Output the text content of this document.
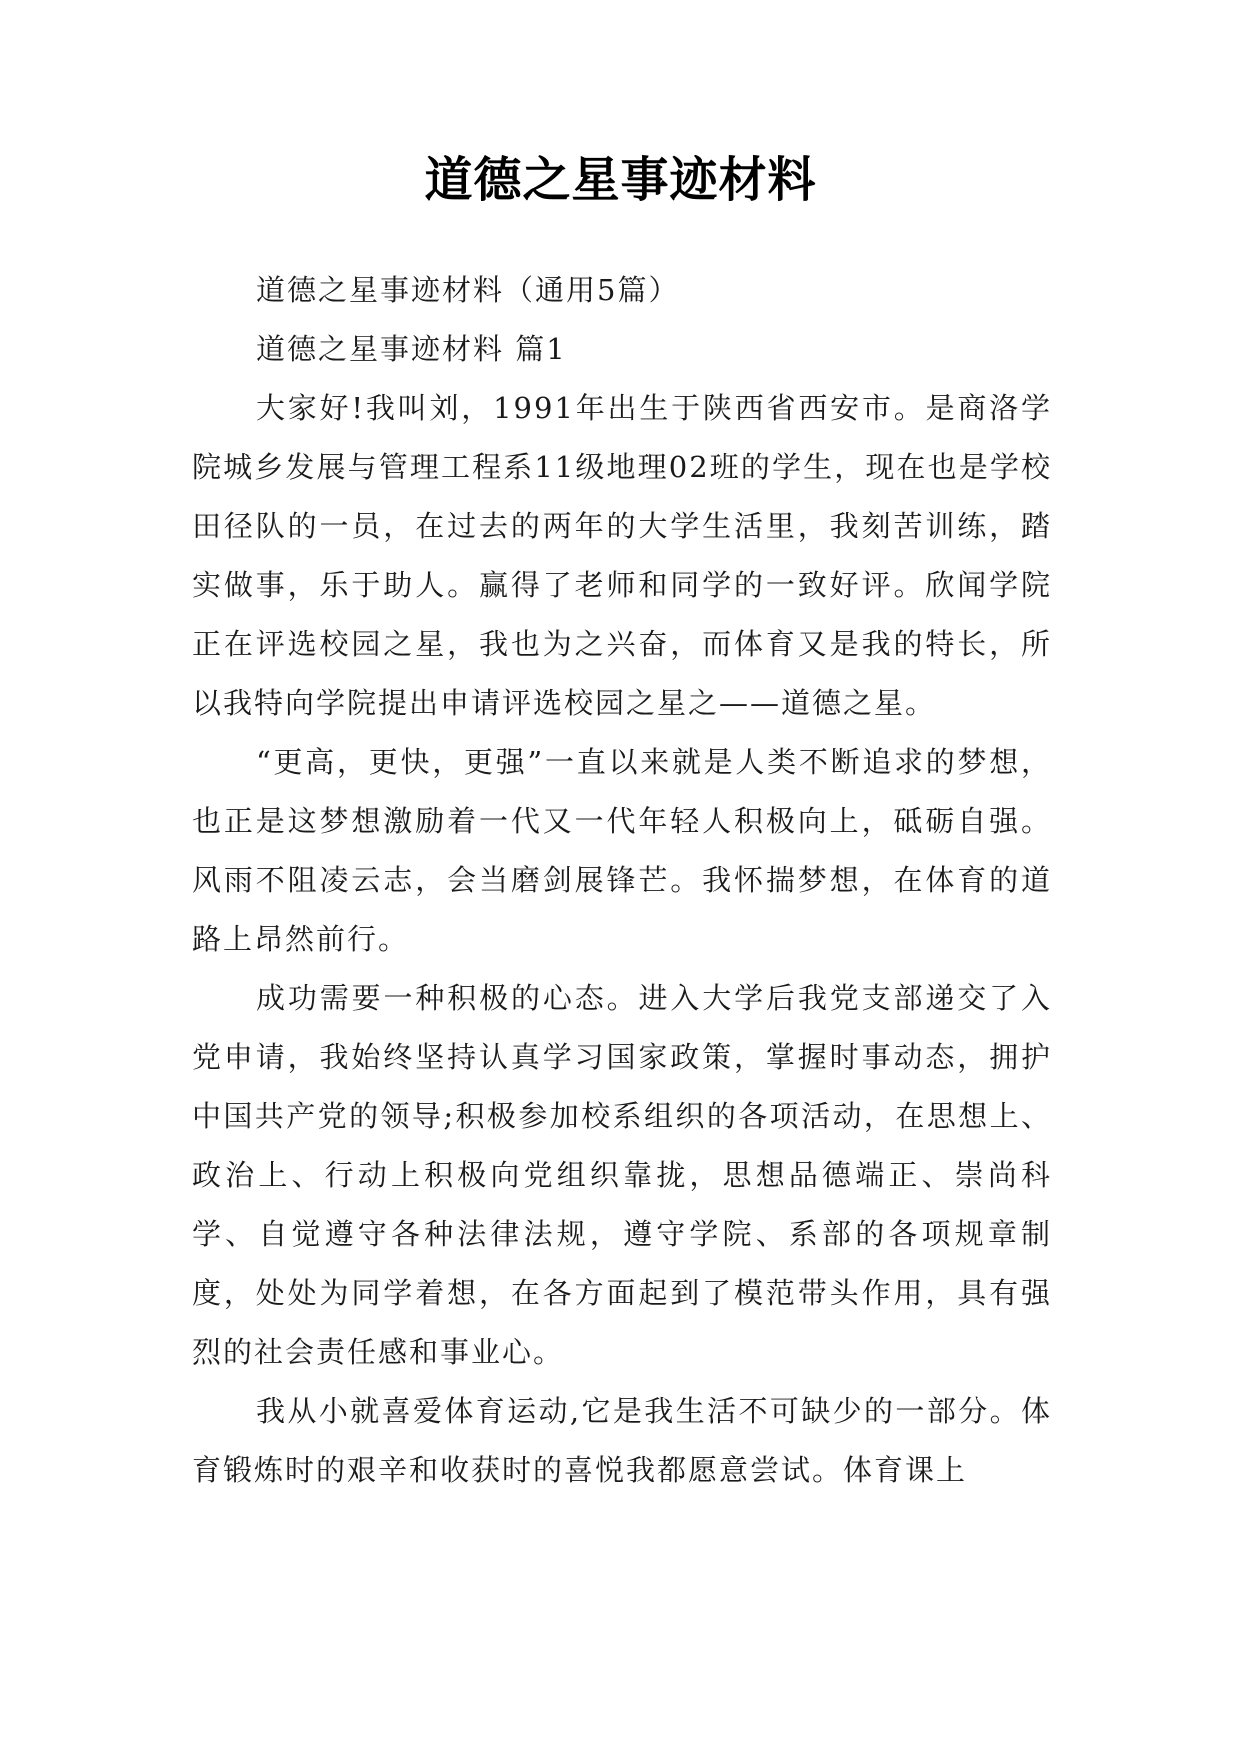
道德之星事迹材料

道德之星事迹材料（通用5篇）

道德之星事迹材料 篇1

大家好!我叫刘，1991年出生于陕西省西安市。是商洛学院城乡发展与管理工程系11级地理02班的学生，现在也是学校田径队的一员，在过去的两年的大学生活里，我刻苦训练，踏实做事，乐于助人。赢得了老师和同学的一致好评。欣闻学院正在评选校园之星，我也为之兴奋，而体育又是我的特长，所以我特向学院提出申请评选校园之星之——道德之星。

“更高，更快，更强”一直以来就是人类不断追求的梦想，也正是这梦想激励着一代又一代年轻人积极向上，砥砺自强。风雨不阻凌云志，会当磨剑展锋芒。我怀揣梦想，在体育的道路上昂然前行。

成功需要一种积极的心态。进入大学后我党支部递交了入党申请，我始终坚持认真学习国家政策，掌握时事动态，拥护中国共产党的领导;积极参加校系组织的各项活动，在思想上、政治上、行动上积极向党组织靠拢，思想品德端正、崇尚科学、自觉遵守各种法律法规，遵守学院、系部的各项规章制度，处处为同学着想，在各方面起到了模范带头作用，具有强烈的社会责任感和事业心。

我从小就喜爱体育运动,它是我生活不可缺少的一部分。体育锻炼时的艰辛和收获时的喜悦我都愿意尝试。体育课上
